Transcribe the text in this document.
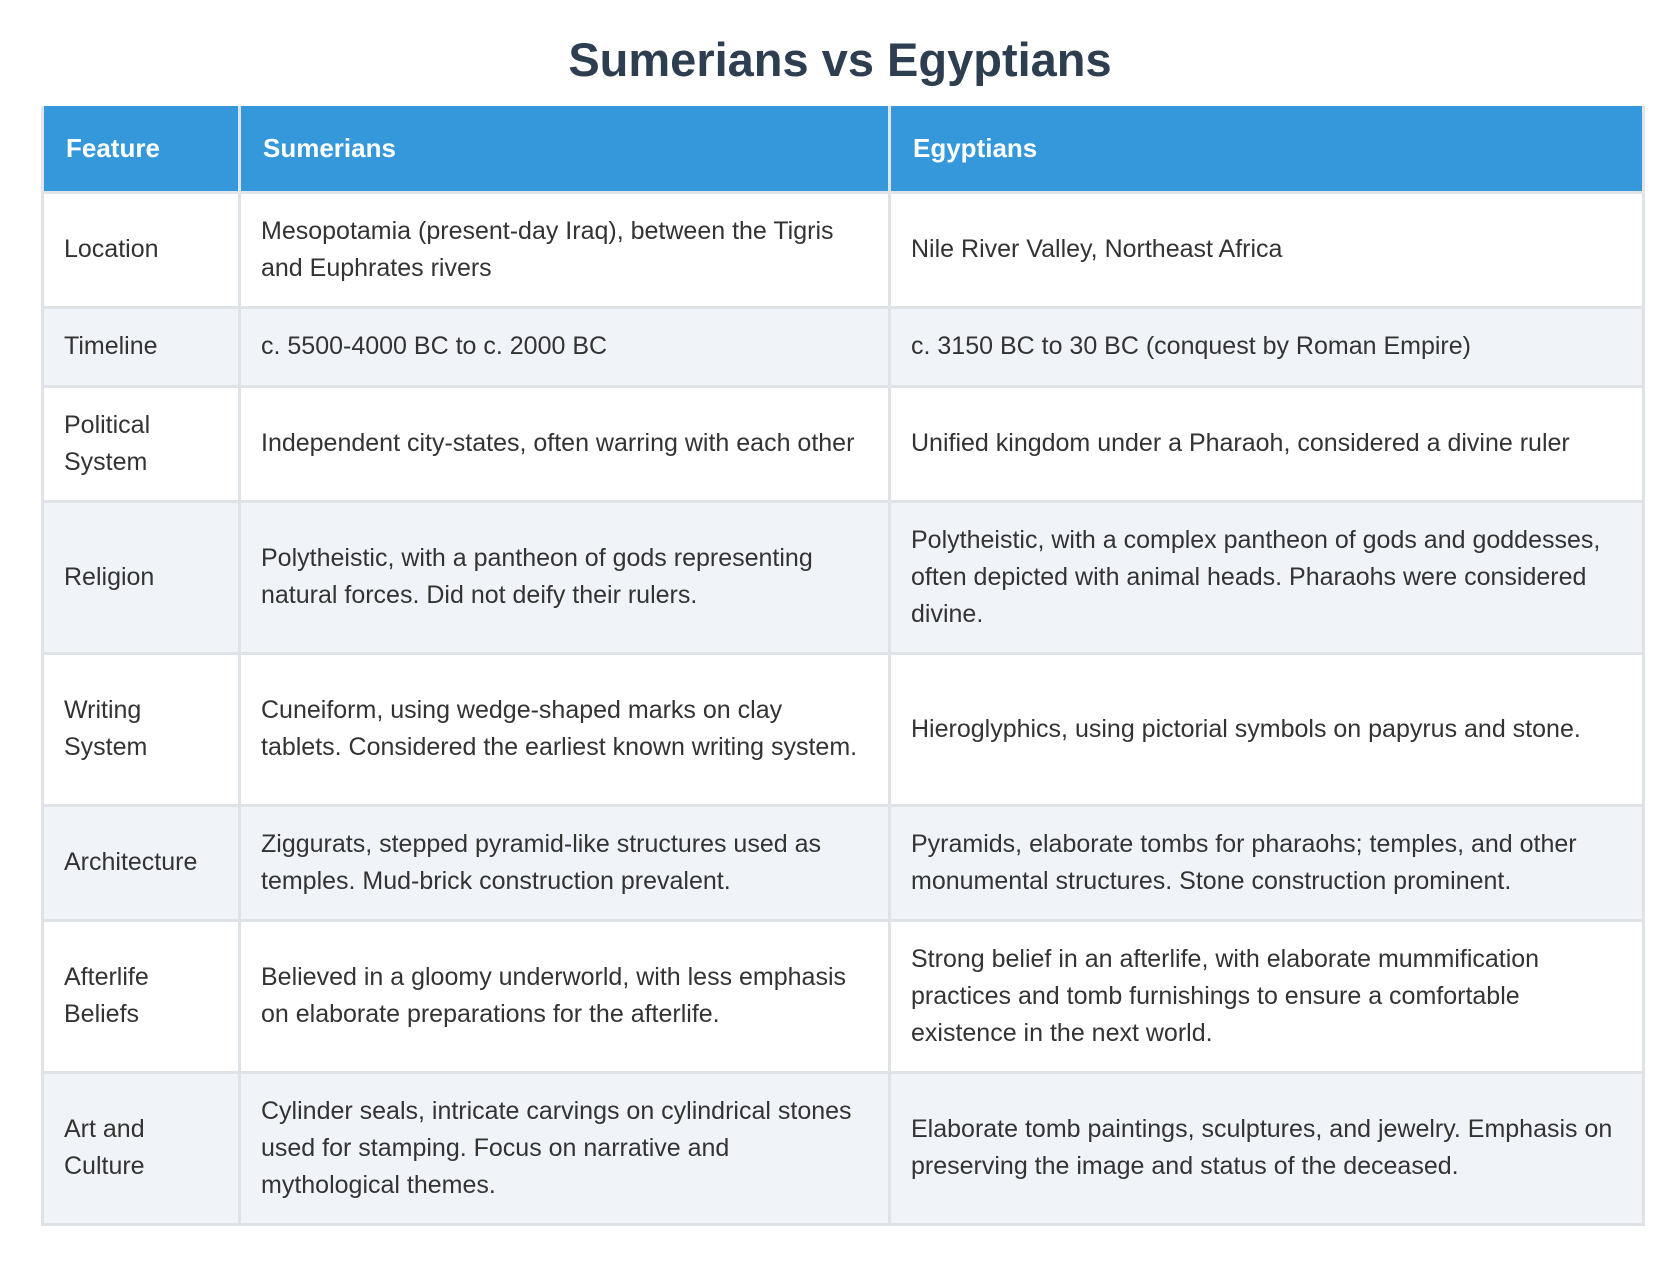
Sumerians vs Egyptians
Feature	Sumerians	Egyptians
Location	Mesopotamia (present-day Iraq), between the Tigris and Euphrates rivers	Nile River Valley, Northeast Africa
Timeline	c. 5500-4000 BC to c. 2000 BC	c. 3150 BC to 30 BC (conquest by Roman Empire)
Political System	Independent city-states, often warring with each other	Unified kingdom under a Pharaoh, considered a divine ruler
Religion	Polytheistic, with a pantheon of gods representing natural forces. Did not deify their rulers.	Polytheistic, with a complex pantheon of gods and goddesses, often depicted with animal heads. Pharaohs were considered divine.
Writing System	Cuneiform, using wedge-shaped marks on clay tablets. Considered the earliest known writing system.	Hieroglyphics, using pictorial symbols on papyrus and stone.
Architecture	Ziggurats, stepped pyramid-like structures used as temples. Mud-brick construction prevalent.	Pyramids, elaborate tombs for pharaohs; temples, and other monumental structures. Stone construction prominent.
Afterlife Beliefs	Believed in a gloomy underworld, with less emphasis on elaborate preparations for the afterlife.	Strong belief in an afterlife, with elaborate mummification practices and tomb furnishings to ensure a comfortable existence in the next world.
Art and Culture	Cylinder seals, intricate carvings on cylindrical stones used for stamping. Focus on narrative and mythological themes.	Elaborate tomb paintings, sculptures, and jewelry. Emphasis on preserving the image and status of the deceased.
